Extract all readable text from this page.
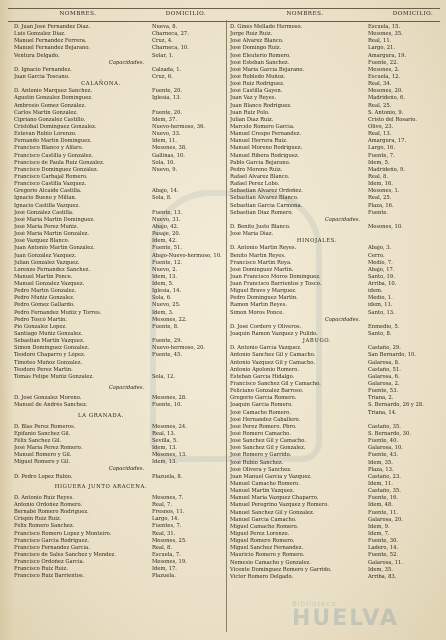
NOMBRES.	DOMICILIO.	NOMBRES.	DOMICILIO.
D. Juan José Fernandez Diaz.	Nueva, 8.
Luis Gonzalez Diaz.	Charneca, 27.
Manuel Fernandez Ferrera.	Cruz, 4.
Manuel Fernandez Bejarano.	Charneca, 10.
Ventura Delgado.	Solar, 1.
Capacidades.
D. Ignacio Fernandez.	Calzada, 1.
Juan Garcia Toscano.	Cruz, 6.
CALAÑONA.
D. Antonio Marquez Sanchez.	Fuente, 20.
Agustín Gonzalez Dominguez.	Iglesia, 13.
Ambrosio Gomez González.
Carlos Martin González.	Fuente, 20.
Cipriano Gonzalez Castillo.	Idem, 37.
Cristóbal Dominguez Gonzalez.	Nuevo-hermoso, 36.
Estevan Rubio Lorenzo.	Nuevo, 33.
Fernando Martin Dominguez.	Idem, 11.
Francisco Blanco y Alfaro.	Mesones, 38.
Francisco Castilla y González.	Gallinas, 10.
Francisco de Paula Ruiz González.	Sola, 10.
Francisco Dominguez González.	Nuevo, 9.
Francisco Carbajal Romero.
Francisco Castilla Vazquez.
Gregorio Alcaide Castilla.	Abajo, 14.
Ignacio Bueno y Millan.	Sola, 8.
Ignacio Castilla Vazquez.
José González Castilla.	Fuente, 13.
José María Martin Dominguez.	Nuevo, 31.
José Maria Perez Muñiz.	Abajo, 42.
José María Martín González.	Pasaje, 20.
José Vazquez Blanco.	Idem, 42.
Juan Antonio Martin González.	Fuente, 51.
Juan González Vazquez.	Abajo-Nuevo-hermoso, 10.
Julian González Vazquez.	Fuente, 12.
Lorenzo Fernandez Sanchez.	Nuevo, 2.
Manuel Martin Ponce.	Idem, 13.
Manuel Gonzalez Vazquez.	Idem, 5.
Pedro Martín Gonzalez.	Iglesia, 14.
Pedro Muñiz Gonzalez.	Sola, 6.
Pedro Gómez Gallardo.	Nuevo, 25.
Pedro Fernandez Muñiz y Torres.	Idem, 3.
Pedro Toscó Martin.	Mesones, 22.
Pío Gonzalez Lopez.	Fuente, 8.
Santiago Muñiz Gonzalez.
Sebastian Martin Vazquez.	Fuente, 29.
Simon Dominguez Gonzalez.	Nuevo-hermoso, 20.
Teodoro Chaparro y López.	Fuente, 45.
Timoteo Muñoz Gonzalez.
Teodoro Perez Martin.
Tomás Felipe Muñiz Gonzalez.	Sola, 12.
Capacidades.
D. José Gonzalez Moreno.	Mesones, 28.
Manuel de Andrés Sanchez.	Fuente, 10.
LA GRANADA.
D. Blas Perez Romeros.	Mesones, 24.
Epifanio Sanchez Gil.	Real, 13.
Félix Sanchez Gil.	Sevilla, 5.
José María Perez Romero.	Idem, 13.
Manuel Romero y Gil.	Mesones, 13.
Miguel Romero y Gil.	Idem, 13.
Capacidades.
D. Pedro Lopez Rubio.	Plazuela, 8.
HIGUERA JUNTO ARACENA.
D. Antonio Ruiz Reyes.	Mesones, 7.
Antonio Ordoñez Romero.	Real, 7.
Bernabé Romero Rodriguez.	Fresnos, 11.
Crispin Ruiz Ruiz.	Largo, 14.
Felix Romero Sanchez.	Fuentes, 7.
Francisco Romero Lopez y Monteiro.	Real, 31.
Francisco Garcia Rodriguez.	Mesones, 25.
Francisco Fernandez García.	Real, 8.
Francisco de Sales Sanchez y Mendez.	Escuela, 7.
Francisco Ordoñez Garcia.	Mesones, 19.
Francisco Ruiz Ruiz.	Idem, 17.
Francisco Ruiz Barrientos.	Plazuela.
D. Ginés Mellado Hermoso.	Escuela, 15.
Jorge Ruiz Ruiz.	Mesones, 35.
José Alvarez Blanco.	Real, 11.
José Domingo Ruiz.	Largo, 21.
José Eleuterio Romero.	Amargura, 19.
José Esteban Sanchez.	Fuente, 22.
José María García Bejarano.	Mesones, 2.
José Robledo Muñoz.	Escuela, 12.
José Ruiz Rodriguez.	Real, 34.
José Castilla Gayen.	Mesones, 20.
Juan Vaz y Reyes.	Madrideño, 6.
Juan Blanco Rodriguez.	Real, 25.
Juan Ruiz Polo.	S. Antonio, 9.
Julian Díaz Ruiz.	Cristo del Rosario.
Marcelo Romero García.	Olivo, 23.
Manuel Crespo Fernandez.	Real, 13.
Manuel Herrera Ruiz.	Amargura, 17.
Manuel Moreno Rodriguez.	Largo, 16.
Manuel Ribera Rodriguez.	Fuente, 7.
Pablo García Bejarano.	Idem, 5.
Pedro Moreno Ruiz.	Madrideño, 9.
Rafael Alvarez Blanco.	Real, 8.
Rafael Perez Lobo.	Idem, 16.
Sebastian Alvarez Ordoñez.	Mesones, 1.
Sebastian Alvarez Blanco.	Real, 25.
Sebastian García Carmona.	Plaza, 16.
Sebastian Diaz Romero.	Fuente.
Capacidades.
D. Benito Justo Blanco.	Mesones, 10.
José María Diaz.
HINOJALES.
D. Antonio Martin Reyes.	Abajo, 3.
Benito Martin Reyes.	Cerro.
Francisco Martin Reya.	Medio, 7.
José Dominguez Martin.	Abajo, 17.
Juan Francisco Moros Dominguez.	Santo, 19.
Juan Francisco Barrientos y Tosco.	Arriba, 10.
Miguel Bravo y Marquez.	idem.
Pedro Dominguez Martin.	Medio, 1.
Ramon Martín Reyes.	idem, 11.
Simon Moros Ponce.	Santo, 13.
Capacidades.
D. José Cordero y Oliveros.	Enmedio, 5.
Joaquin Ramon Vazquez y Pulido.	Santo, 8.
JABUGO.
D. Antonio García Vazquez.	Castaño, 29.
Antonio Sanchez Gil y Camacho.	San Bernardo, 10.
Antonio Vazquez Gil y Camacho.	Galarosa, 8.
Antonio Apolonio Romero.	Castaño, 51.
Esteban García Hidalgo.	Galarosa, 6.
Francisco Sanchez Gil y Camacho.	Galarosa, 2.
Feliciano Gonzalez Barroso.	Fuente, 53.
Gregorio García Romero.	Triana, 2.
Joaquin García Romero.	S. Bernardo, 26 y 28.
José Camacho Romero.	Triana, 14.
José Hernandez Caballero.
José Perez Romero. Pbro.	Castaño, 35.
José Romero Camacho.	S. Bernardo, 30.
José Sanchez Gil y Camacho.	Fuente, 40.
José Sanchez Gil y Gonzalez.	Galarosa, 10.
José Romero y Garrido.	Fuente, 43.
José Rubio Sanchez.	Idem, 35.
José Olivera y Sanchez.	Plaza, 13.
Juan Manuel García y Vazquez.	Castaño, 23.
Manuel Camacho Romero.	Idem, 11.
Manuel Martin Vazquez.	Castaño, 35.
Manuel Maria Vazquez Chaparro.	Fuente, 16.
Manuel Peregrino Vazquez y Romero.	Idem, 48.
Manuel Sanchez Gil y Gonzalez.	Fuente, 11.
Manuel García Camacho.	Galarosa, 20.
Miguel Camacho Romero.	Idem, 9.
Miguel Perez Lorenzo.	Idem, 7.
Miguel Romero Romero.	Fuente, 30.
Miguel Sanchez Fernandez.	Ladero, 14.
Mauricio Romero y Romero.	Fuente, 52.
Nemesio Camacho y Gonzalez.	Galarosa, 11.
Vicente Dominguez Romero y Garrido.	Idem, 35.
Victor Romero Delgado.	Arriba, 83.
Biblioteca
HUELVA
